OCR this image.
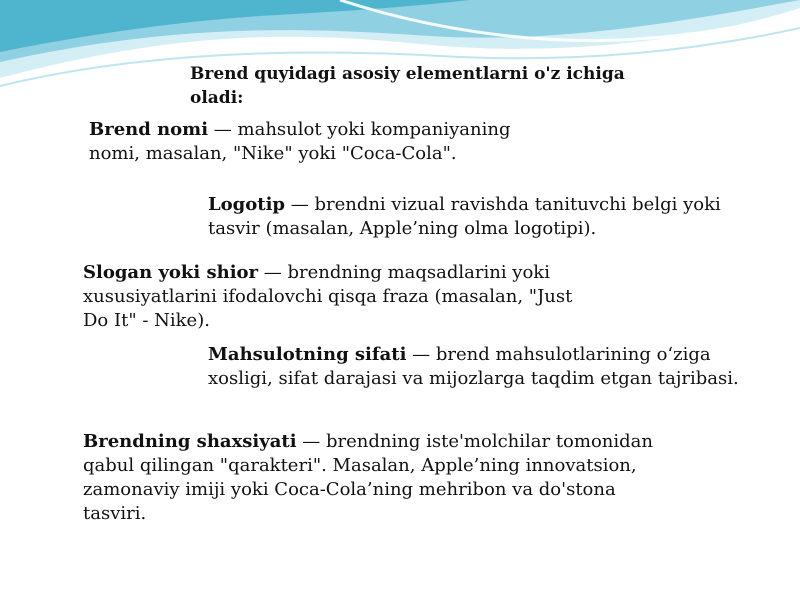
Brend quyidagi asosiy elementlarni o'z ichiga oladi:

Brend nomi — mahsulot yoki kompaniyaning nomi, masalan, "Nike" yoki "Coca-Cola".

Logotip — brendni vizual ravishda tanituvchi belgi yoki tasvir (masalan, Apple’ning olma logotipi).

Slogan yoki shior — brendning maqsadlarini yoki xususiyatlarini ifodalovchi qisqa fraza (masalan, "Just Do It" - Nike).

Mahsulotning sifati — brend mahsulotlarining o‘ziga xosligi, sifat darajasi va mijozlarga taqdim etgan tajribasi.

Brendning shaxsiyati — brendning iste'molchilar tomonidan qabul qilingan "qarakteri". Masalan, Apple’ning innovatsion, zamonaviy imiji yoki Coca-Cola’ning mehribon va do'stona tasviri.
